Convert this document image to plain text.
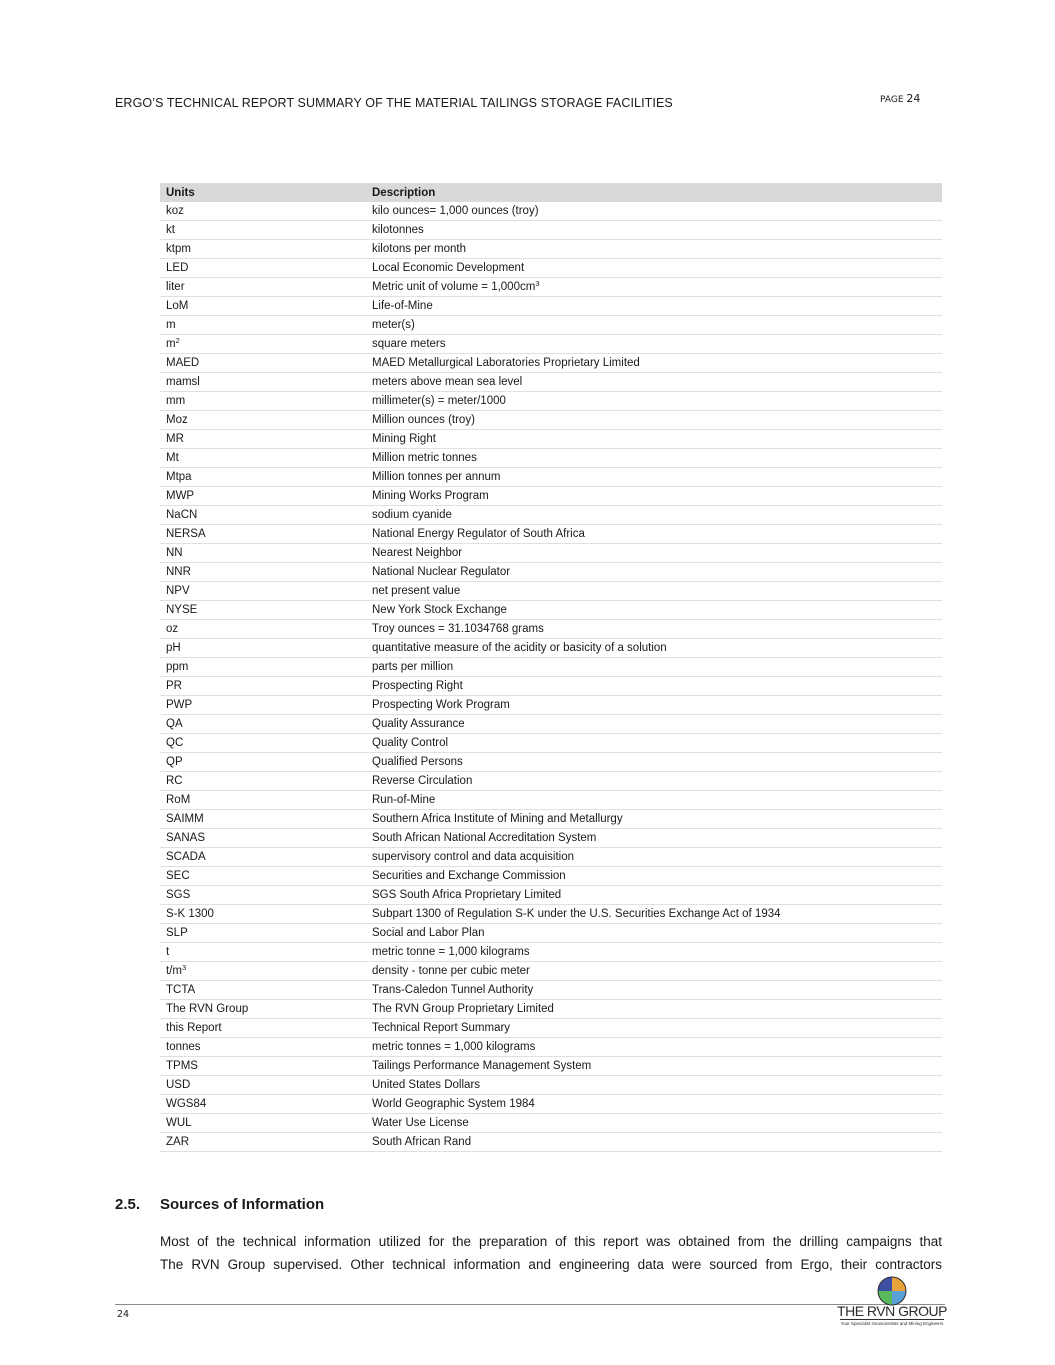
ERGO’S TECHNICAL REPORT SUMMARY OF THE MATERIAL TAILINGS STORAGE FACILITIES	PAGE 24
Units	Description
koz	kilo ounces= 1,000 ounces (troy)
kt	kilotonnes
ktpm	kilotons per month
LED	Local Economic Development
liter	Metric unit of volume = $1,000cm^3$
LoM	Life-of-Mine
m	meter(s)
$m^2$	square meters
MAED	MAED Metallurgical Laboratories Proprietary Limited
mamsl	meters above mean sea level
mm	millimeter(s) = meter/1000
Moz	Million ounces (troy)
MR	Mining Right
Mt	Million metric tonnes
Mtpa	Million tonnes per annum
MWP	Mining Works Program
NaCN	sodium cyanide
NERSA	National Energy Regulator of South Africa
NN	Nearest Neighbor
NNR	National Nuclear Regulator
NPV	net present value
NYSE	New York Stock Exchange
oz	Troy ounces = 31.1034768 grams
pH	quantitative measure of the acidity or basicity of a solution
ppm	parts per million
PR	Prospecting Right
PWP	Prospecting Work Program
QA	Quality Assurance
QC	Quality Control
QP	Qualified Persons
RC	Reverse Circulation
RoM	Run-of-Mine
SAIMM	Southern Africa Institute of Mining and Metallurgy
SANAS	South African National Accreditation System
SCADA	supervisory control and data acquisition
SEC	Securities and Exchange Commission
SGS	SGS South Africa Proprietary Limited
S-K 1300	Subpart 1300 of Regulation S-K under the U.S. Securities Exchange Act of 1934
SLP	Social and Labor Plan
t	metric tonne = 1,000 kilograms
$t/m^3$	density - tonne per cubic meter
TCTA	Trans-Caledon Tunnel Authority
The RVN Group	The RVN Group Proprietary Limited
this Report	Technical Report Summary
tonnes	metric tonnes = 1,000 kilograms
TPMS	Tailings Performance Management System
USD	United States Dollars
WGS84	World Geographic System 1984
WUL	Water Use License
ZAR	South African Rand
2.5. Sources of Information
Most of the technical information utilized for the preparation of this report was obtained from the drilling campaigns that
The RVN Group supervised. Other technical information and engineering data were sourced from Ergo, their contractors
24	THE RVN GROUP
Your Specialist Geoscientists and Mining Engineers
